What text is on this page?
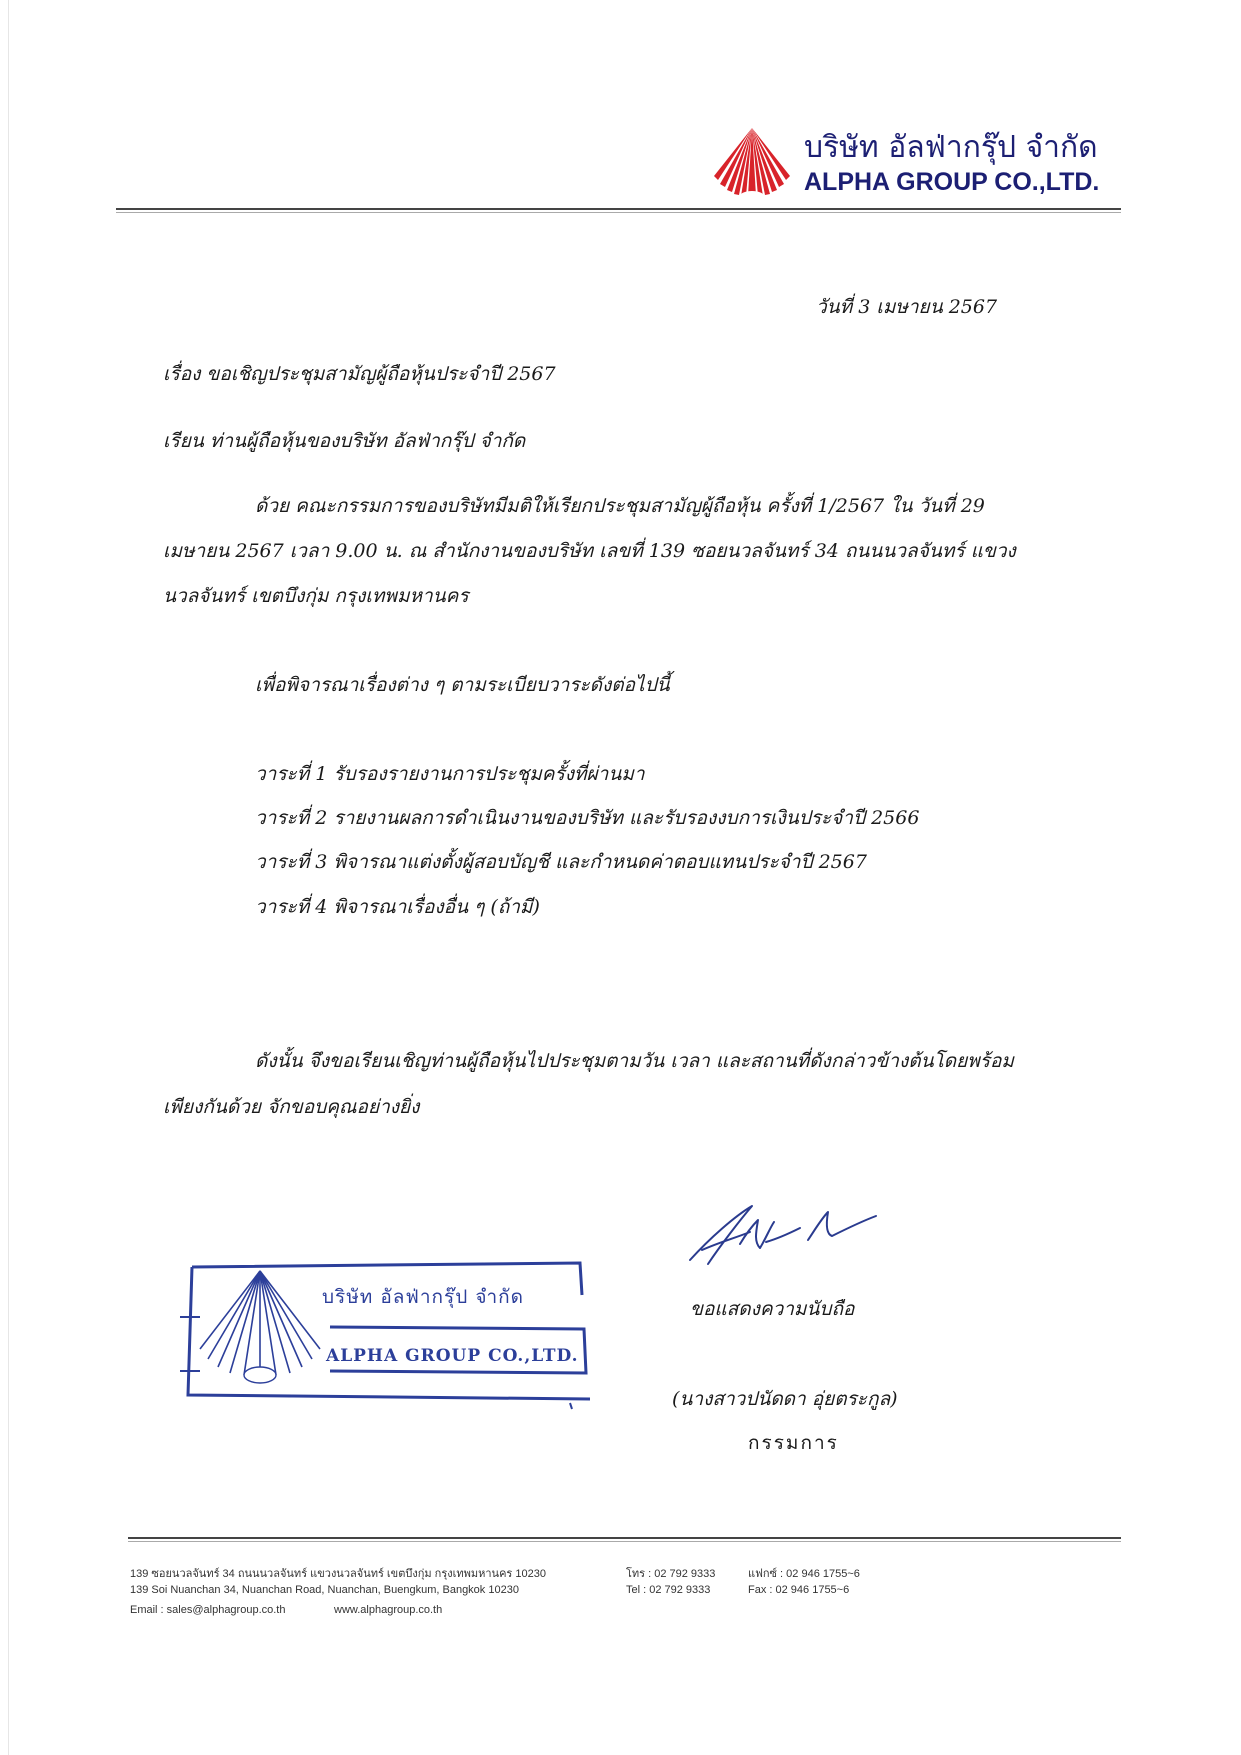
บริษัท อัลฟ่ากรุ๊ป จำกัด
ALPHA GROUP CO.,LTD.
วันที่ 3 เมษายน 2567
เรื่อง ขอเชิญประชุมสามัญผู้ถือหุ้นประจำปี 2567
เรียน ท่านผู้ถือหุ้นของบริษัท อัลฟ่ากรุ๊ป จำกัด
ด้วย คณะกรรมการของบริษัทมีมติให้เรียกประชุมสามัญผู้ถือหุ้น ครั้งที่ 1/2567 ใน วันที่ 29
เมษายน 2567 เวลา 9.00 น. ณ สำนักงานของบริษัท เลขที่ 139 ซอยนวลจันทร์ 34 ถนนนวลจันทร์ แขวง
นวลจันทร์ เขตบึงกุ่ม กรุงเทพมหานคร
เพื่อพิจารณาเรื่องต่าง ๆ ตามระเบียบวาระดังต่อไปนี้
วาระที่ 1 รับรองรายงานการประชุมครั้งที่ผ่านมา
วาระที่ 2 รายงานผลการดำเนินงานของบริษัท และรับรองงบการเงินประจำปี 2566
วาระที่ 3 พิจารณาแต่งตั้งผู้สอบบัญชี และกำหนดค่าตอบแทนประจำปี 2567
วาระที่ 4 พิจารณาเรื่องอื่น ๆ (ถ้ามี)
ดังนั้น จึงขอเรียนเชิญท่านผู้ถือหุ้นไปประชุมตามวัน เวลา และสถานที่ดังกล่าวข้างต้นโดยพร้อม
เพียงกันด้วย จักขอบคุณอย่างยิ่ง
ขอแสดงความนับถือ
(นางสาวปนัดดา อุ่ยตระกูล)
กรรมการ
บริษัท อัลฟ่ากรุ๊ป จำกัด
ALPHA GROUP CO.,LTD.
139 ซอยนวลจันทร์ 34 ถนนนวลจันทร์ แขวงนวลจันทร์ เขตบึงกุ่ม กรุงเทพมหานคร 10230	โทร : 02 792 9333	แฟกซ์ : 02 946 1755~6
139 Soi Nuanchan 34, Nuanchan Road, Nuanchan, Buengkum, Bangkok 10230	Tel : 02 792 9333	Fax : 02 946 1755~6
Email : sales@alphagroup.co.th	www.alphagroup.co.th
